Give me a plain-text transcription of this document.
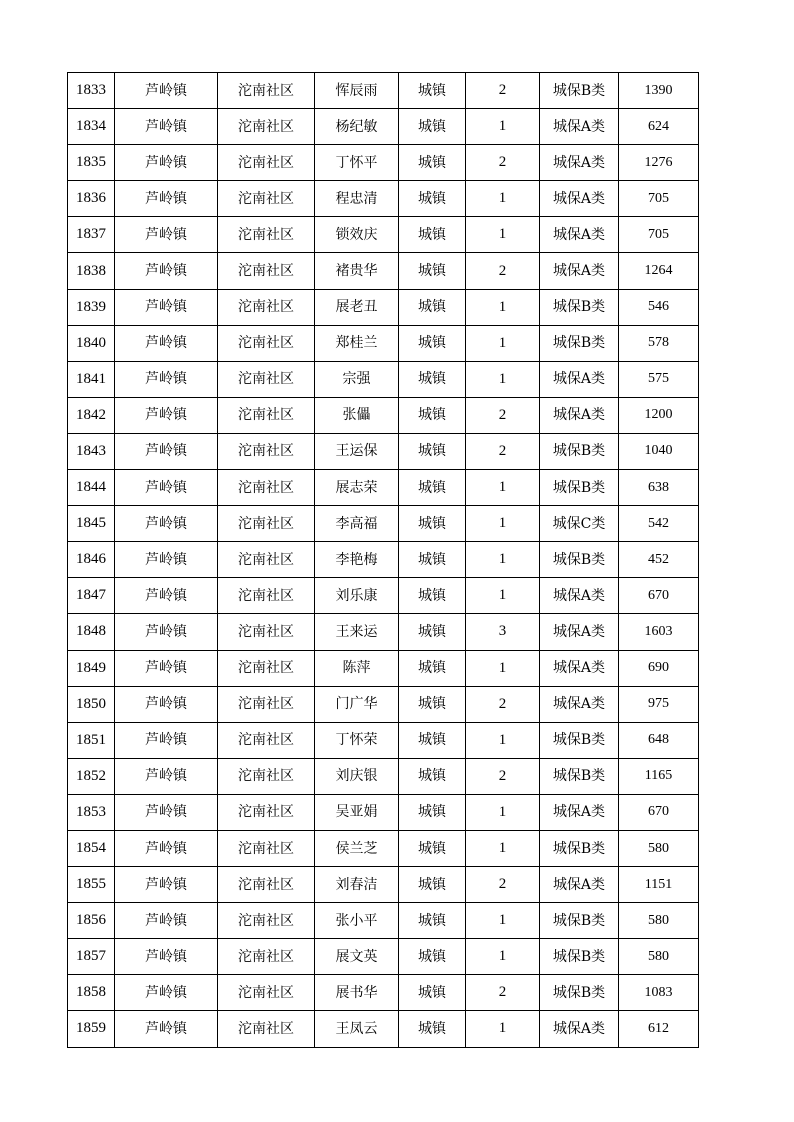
1833	芦岭镇	沱南社区	恽辰雨	城镇	2	城保B类	1390
1834	芦岭镇	沱南社区	杨纪敏	城镇	1	城保A类	624
1835	芦岭镇	沱南社区	丁怀平	城镇	2	城保A类	1276
1836	芦岭镇	沱南社区	程忠清	城镇	1	城保A类	705
1837	芦岭镇	沱南社区	锁效庆	城镇	1	城保A类	705
1838	芦岭镇	沱南社区	褚贵华	城镇	2	城保A类	1264
1839	芦岭镇	沱南社区	展老丑	城镇	1	城保B类	546
1840	芦岭镇	沱南社区	郑桂兰	城镇	1	城保B类	578
1841	芦岭镇	沱南社区	宗强	城镇	1	城保A类	575
1842	芦岭镇	沱南社区	张儡	城镇	2	城保A类	1200
1843	芦岭镇	沱南社区	王运保	城镇	2	城保B类	1040
1844	芦岭镇	沱南社区	展志荣	城镇	1	城保B类	638
1845	芦岭镇	沱南社区	李高福	城镇	1	城保C类	542
1846	芦岭镇	沱南社区	李艳梅	城镇	1	城保B类	452
1847	芦岭镇	沱南社区	刘乐康	城镇	1	城保A类	670
1848	芦岭镇	沱南社区	王来运	城镇	3	城保A类	1603
1849	芦岭镇	沱南社区	陈萍	城镇	1	城保A类	690
1850	芦岭镇	沱南社区	门广华	城镇	2	城保A类	975
1851	芦岭镇	沱南社区	丁怀荣	城镇	1	城保B类	648
1852	芦岭镇	沱南社区	刘庆银	城镇	2	城保B类	1165
1853	芦岭镇	沱南社区	吴亚娟	城镇	1	城保A类	670
1854	芦岭镇	沱南社区	侯兰芝	城镇	1	城保B类	580
1855	芦岭镇	沱南社区	刘春洁	城镇	2	城保A类	1151
1856	芦岭镇	沱南社区	张小平	城镇	1	城保B类	580
1857	芦岭镇	沱南社区	展文英	城镇	1	城保B类	580
1858	芦岭镇	沱南社区	展书华	城镇	2	城保B类	1083
1859	芦岭镇	沱南社区	王凤云	城镇	1	城保A类	612
